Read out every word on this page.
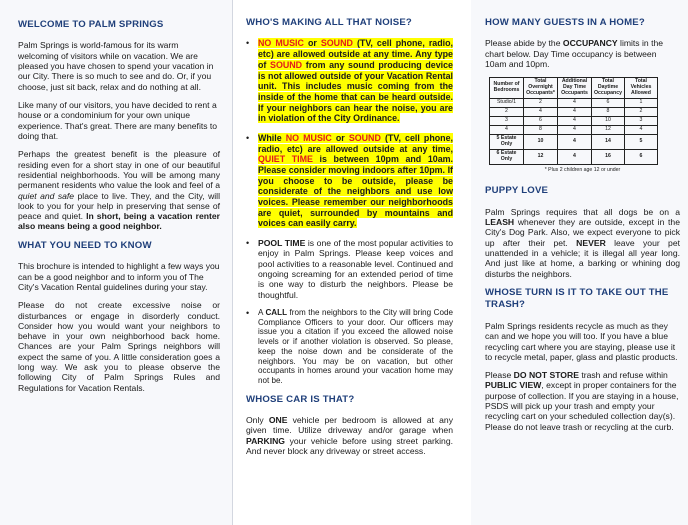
WELCOME TO PALM SPRINGS

Palm Springs is world-famous for its warm welcoming of visitors while on vacation. We are pleased you have chosen to spend your vacation in our City. There is so much to see and do. Or, if you choose, just sit back, relax and do nothing at all.

Like many of our visitors, you have decided to rent a house or a condominium for your own unique experience. That's great. There are many benefits to doing that.

Perhaps the greatest benefit is the pleasure of residing even for a short stay in one of our beautiful residential neighborhoods. You will be among many permanent residents who value the look and feel of a quiet and safe place to live. They, and the City, will look to you for your help in preserving that sense of peace and quiet. In short, being a vacation renter also means being a good neighbor.

WHAT YOU NEED TO KNOW

This brochure is intended to highlight a few ways you can be a good neighbor and to inform you of The City's Vacation Rental guidelines during your stay.

Please do not create excessive noise or disturbances or engage in disorderly conduct. Consider how you would want your neighbors to behave in your own neighborhood back home. Chances are your Palm Springs neighbors will expect the same of you. A little consideration goes a long way. We ask you to please observe the following City of Palm Springs Rules and Regulations for Vacation Rentals.

WHO'S MAKING ALL THAT NOISE?
• NO MUSIC or SOUND (TV, cell phone, radio, etc) are allowed outside at any time. Any type of SOUND from any sound producing device is not allowed outside of your Vacation Rental unit. This includes music coming from the inside of the home that can be heard outside. If your neighbors can hear the noise, you are in violation of the City Ordinance.
• While NO MUSIC or SOUND (TV, cell phone, radio, etc) are allowed outside at any time, QUIET TIME is between 10pm and 10am. Please consider moving indoors after 10pm. If you choose to be outside, please be considerate of the neighbors and use low voices. Please remember our neighborhoods are quiet, surrounded by mountains and voices can easily carry.
• POOL TIME is one of the most popular activities to enjoy in Palm Springs. Please keep voices and pool activities to a reasonable level. Continued and ongoing screaming for an extended period of time is one way to disturb the neighbors. Please be thoughtful.
• A CALL from the neighbors to the City will bring Code Compliance Officers to your door. Our officers may issue you a citation if you exceed the allowed noise levels or if another violation is observed. So please, keep the noise down and be considerate of the neighbors. You may be on vacation, but other occupants in homes around your vacation home may not be.
WHOSE CAR IS THAT?

Only ONE vehicle per bedroom is allowed at any given time. Utilize driveway and/or garage when PARKING your vehicle before using street parking. And never block any driveway or street access.

HOW MANY GUESTS IN A HOME?

Please abide by the OCCUPANCY limits in the chart below. Day Time occupancy is between 10am and 10pm.

Number of Bedrooms	Total Overnight Occupants*	Additional Day Time Occupants	Total Daytime Occupancy	Total Vehicles Allowed
Studio/1	2	4	6	1
2	4	4	8	2
3	6	4	10	3
4	8	4	12	4
5 Estate Only	10	4	14	5
6 Estate Only	12	4	16	6
* Plus 2 children age 12 or under
PUPPY LOVE

Palm Springs requires that all dogs be on a LEASH whenever they are outside, except in the City's Dog Park. Also, we expect everyone to pick up after their pet. NEVER leave your pet unattended in a vehicle; it is illegal all year long. And just like at home, a barking or whining dog disturbs the neighbors.

WHOSE TURN IS IT TO TAKE OUT THE TRASH?

Palm Springs residents recycle as much as they can and we hope you will too. If you have a blue recycling cart where you are staying, please use it to recycle metal, paper, glass and plastic products.

Please DO NOT STORE trash and refuse within PUBLIC VIEW, except in proper containers for the purpose of collection. If you are staying in a house, PSDS will pick up your trash and empty your recycling cart on your scheduled collection day(s). Please do not leave trash or recycling at the curb.
